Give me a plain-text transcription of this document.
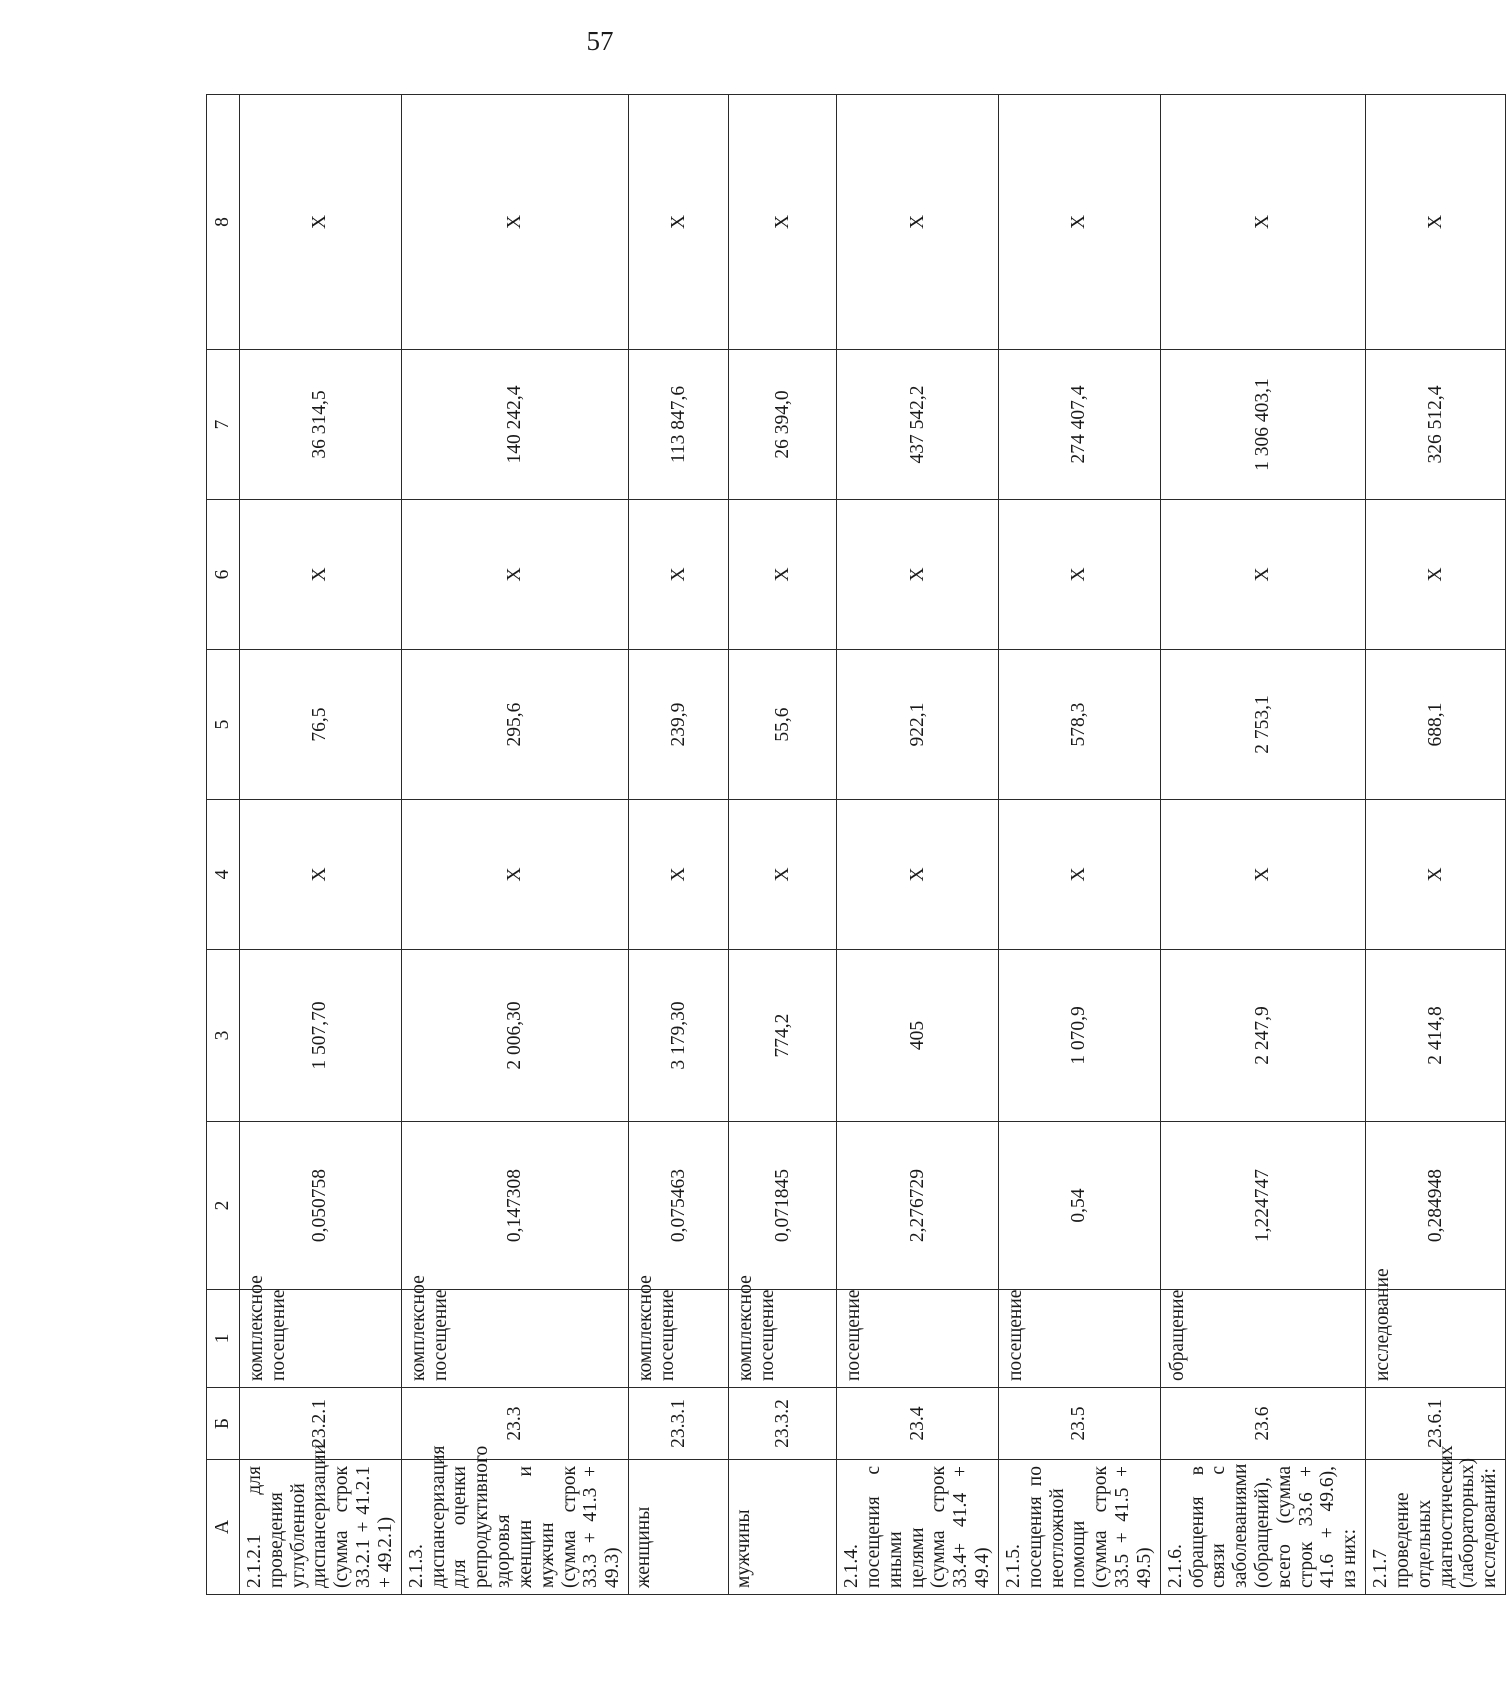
57
А	Б	1	2	3	4	5	6	7	8
2.1.2.1 для проведения углубленной диспансеризации (сумма строк 33.2.1 + 41.2.1 + 49.2.1)	23.2.1	комплексное посещение	0,050758	1 507,70	Х	76,5	Х	36 314,5	Х
2.1.3. диспансеризация для оценки репродуктивного здоровья женщин и мужчин (сумма строк 33.3 + 41.3 + 49.3)	23.3	комплексное посещение	0,147308	2 006,30	Х	295,6	Х	140 242,4	Х
женщины	23.3.1	комплексное посещение	0,075463	3 179,30	Х	239,9	Х	113 847,6	Х
мужчины	23.3.2	комплексное посещение	0,071845	774,2	Х	55,6	Х	26 394,0	Х
2.1.4. посещения с иными целями (сумма строк 33.4+ 41.4 + 49.4)	23.4	посещение	2,276729	405	Х	922,1	Х	437 542,2	Х
2.1.5. посещения по неотложной помощи (сумма строк 33.5 + 41.5 + 49.5)	23.5	посещение	0,54	1 070,9	Х	578,3	Х	274 407,4	Х
2.1.6. обращения в связи с заболеваниями (обращений), всего (сумма строк 33.6 + 41.6 + 49.6), из них:	23.6	обращение	1,224747	2 247,9	Х	2 753,1	Х	1 306 403,1	Х
2.1.7 проведение отдельных диагностических (лабораторных) исследований:	23.6.1	исследование	0,284948	2 414,8	Х	688,1	Х	326 512,4	Х
